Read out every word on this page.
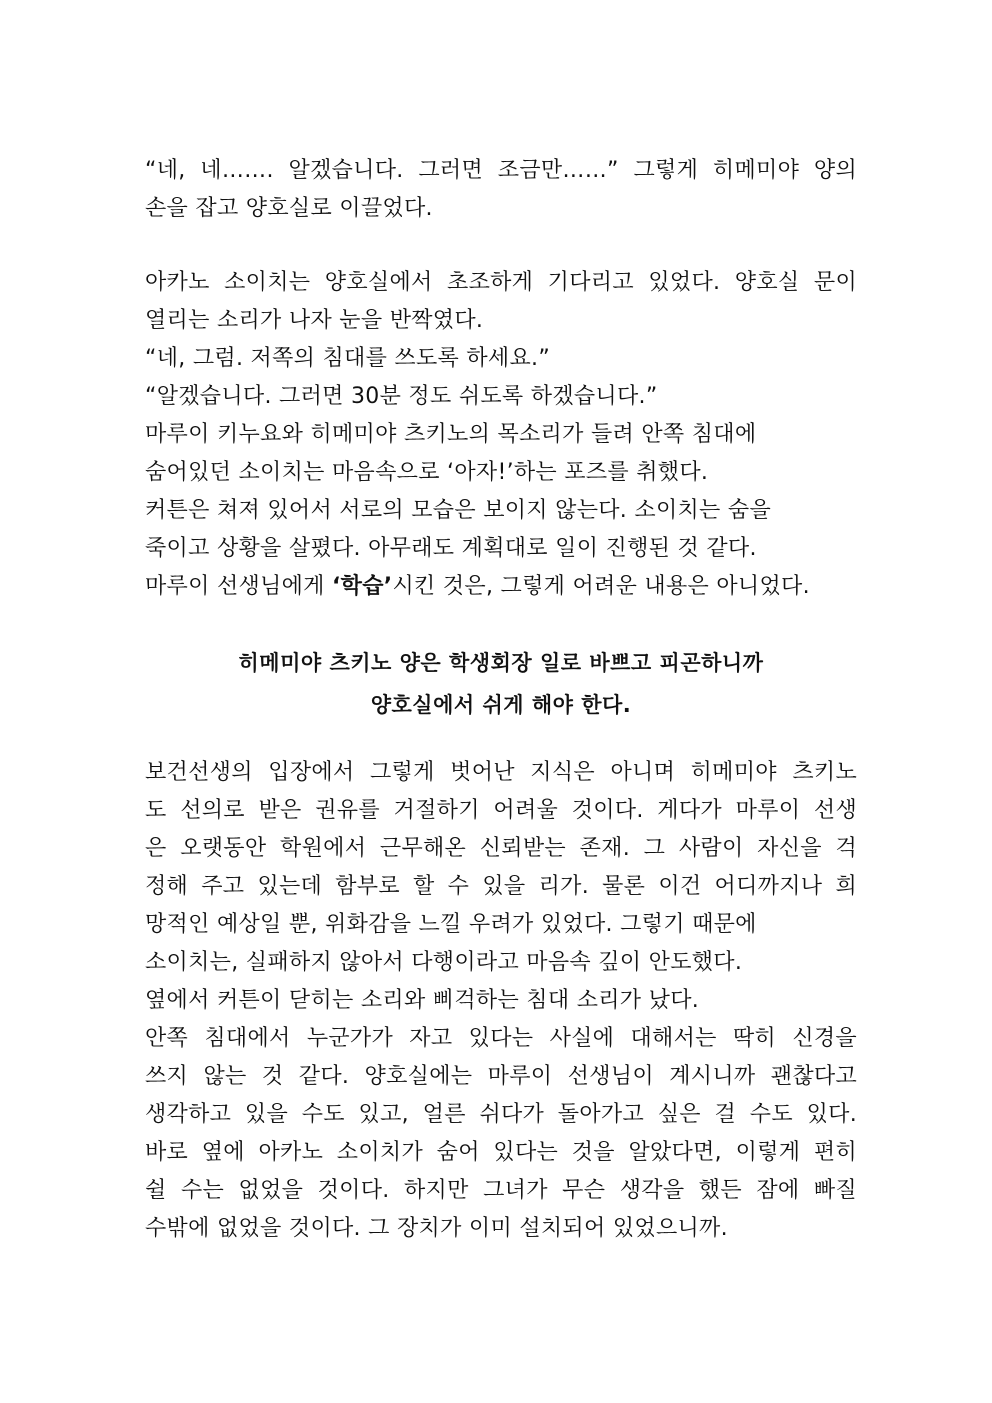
“네, 네……. 알겠습니다. 그러면 조금만……” 그렇게 히메미야 양의
손을 잡고 양호실로 이끌었다.
아카노 소이치는 양호실에서 초조하게 기다리고 있었다. 양호실 문이
열리는 소리가 나자 눈을 반짝였다.
“네, 그럼. 저쪽의 침대를 쓰도록 하세요.”
“알겠습니다. 그러면 30분 정도 쉬도록 하겠습니다.”
마루이 키누요와 히메미야 츠키노의 목소리가 들려 안쪽 침대에
숨어있던 소이치는 마음속으로 ‘아자!’하는 포즈를 취했다.
커튼은 쳐져 있어서 서로의 모습은 보이지 않는다. 소이치는 숨을
죽이고 상황을 살폈다. 아무래도 계획대로 일이 진행된 것 같다.
마루이 선생님에게 ‘학습’시킨 것은, 그렇게 어려운 내용은 아니었다.
히메미야 츠키노 양은 학생회장 일로 바쁘고 피곤하니까
양호실에서 쉬게 해야 한다.
보건선생의 입장에서 그렇게 벗어난 지식은 아니며 히메미야 츠키노
도 선의로 받은 권유를 거절하기 어려울 것이다. 게다가 마루이 선생
은 오랫동안 학원에서 근무해온 신뢰받는 존재. 그 사람이 자신을 걱
정해 주고 있는데 함부로 할 수 있을 리가. 물론 이건 어디까지나 희
망적인 예상일 뿐, 위화감을 느낄 우려가 있었다. 그렇기 때문에
소이치는, 실패하지 않아서 다행이라고 마음속 깊이 안도했다.
옆에서 커튼이 닫히는 소리와 삐걱하는 침대 소리가 났다.
안쪽 침대에서 누군가가 자고 있다는 사실에 대해서는 딱히 신경을
쓰지 않는 것 같다. 양호실에는 마루이 선생님이 계시니까 괜찮다고
생각하고 있을 수도 있고, 얼른 쉬다가 돌아가고 싶은 걸 수도 있다.
바로 옆에 아카노 소이치가 숨어 있다는 것을 알았다면, 이렇게 편히
쉴 수는 없었을 것이다. 하지만 그녀가 무슨 생각을 했든 잠에 빠질
수밖에 없었을 것이다. 그 장치가 이미 설치되어 있었으니까.
